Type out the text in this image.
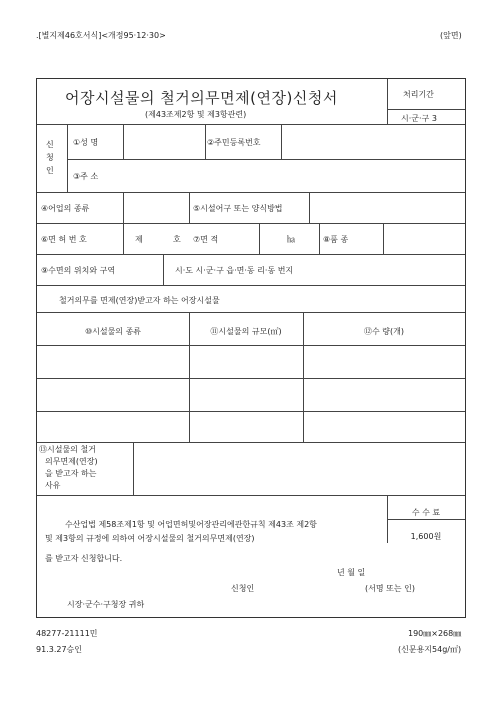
.[별지제46호서식]<개정95·12·30>	(앞면)
어장시설물의 철거의무면제(연장)신청서
(제43조제2항 및 제3항관련)
처리기간
시·군·구 3
신
청
인
①성 명	②주민등록번호
③주 소
④어업의 종류	⑤시설어구 또는 양식방법
⑥면 허 번 호	제	호 ⑦면 적	㏊	⑧품 종
⑨수면의 위치와 구역	시·도 시·군·구 읍·면·동 리·동 번지
철거의무를 면제(연장)받고자 하는 어장시설물
⑩시설물의 종류	⑪시설물의 규모(㎥)	⑫수 량(개)
⑬시설물의 철거
의무면제(연장)
을 받고자 하는
사유
수 수 료
1,600원
수산업법 제58조제1항 및 어업면허및어장관리에관한규칙 제43조 제2항
및 제3항의 규정에 의하여 어장시설물의 철거의무면제(연장)
를 받고자 신청합니다.
년 월 일
신청인	(서명 또는 인)
시장·군수·구청장 귀하
48277-21111민
91.3.27승인
190㎜×268㎜
(신문용지54g/㎡)
